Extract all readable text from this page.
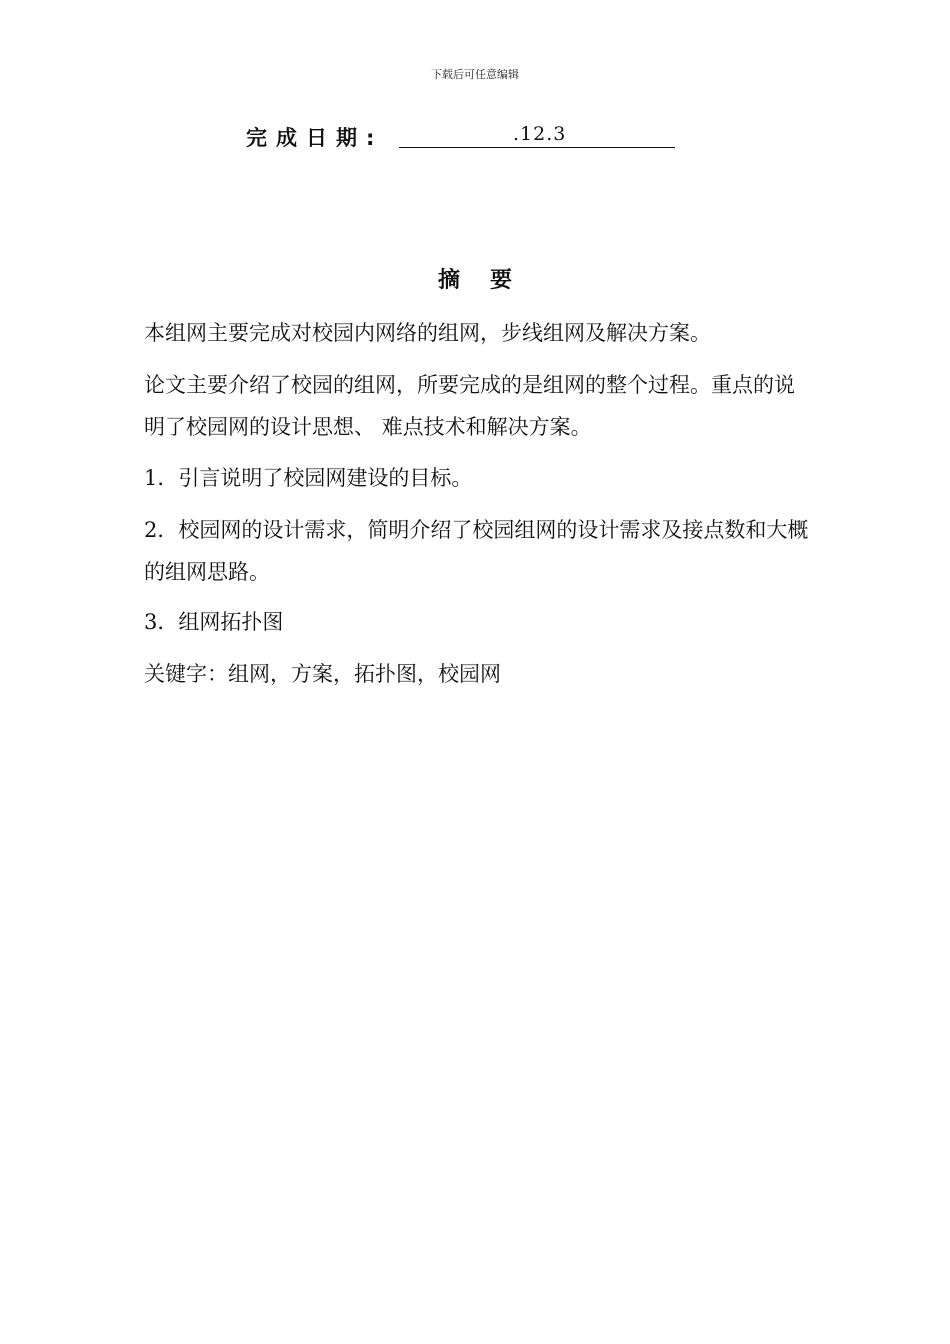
下载后可任意编辑
完成日期:	.12.3
摘要
本组网主要完成对校园内网络的组网，步线组网及解决方案。
论文主要介绍了校园的组网，所要完成的是组网的整个过程。重点的说明了校园网的设计思想、 难点技术和解决方案。
1．引言说明了校园网建设的目标。
2．校园网的设计需求，简明介绍了校园组网的设计需求及接点数和大概的组网思路。
3．组网拓扑图
关键字：组网，方案，拓扑图，校园网
